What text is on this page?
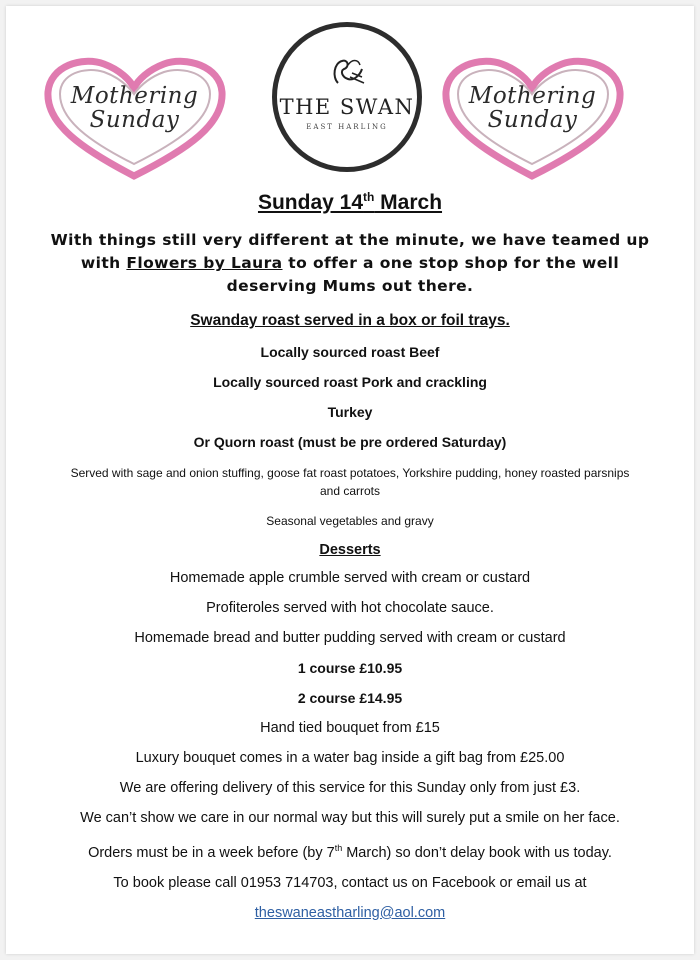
Mothering
Sunday	THE SWAN
EAST HARLING
Mothering
Sunday

Sunday 14th March

With things still very different at the minute, we have teamed up with Flowers by Laura to offer a one stop shop for the well deserving Mums out there.

Swanday roast served in a box or foil trays.

Locally sourced roast Beef

Locally sourced roast Pork and crackling

Turkey

Or Quorn roast (must be pre ordered Saturday)

Served with sage and onion stuffing, goose fat roast potatoes, Yorkshire pudding, honey roasted parsnips and carrots

Seasonal vegetables and gravy

Desserts

Homemade apple crumble served with cream or custard

Profiteroles served with hot chocolate sauce.

Homemade bread and butter pudding served with cream or custard

1 course £10.95

2 course £14.95

Hand tied bouquet from £15

Luxury bouquet comes in a water bag inside a gift bag from £25.00

We are offering delivery of this service for this Sunday only from just £3.

We can’t show we care in our normal way but this will surely put a smile on her face.

Orders must be in a week before (by 7th March) so don’t delay book with us today.

To book please call 01953 714703, contact us on Facebook or email us at

theswaneastharling@aol.com
